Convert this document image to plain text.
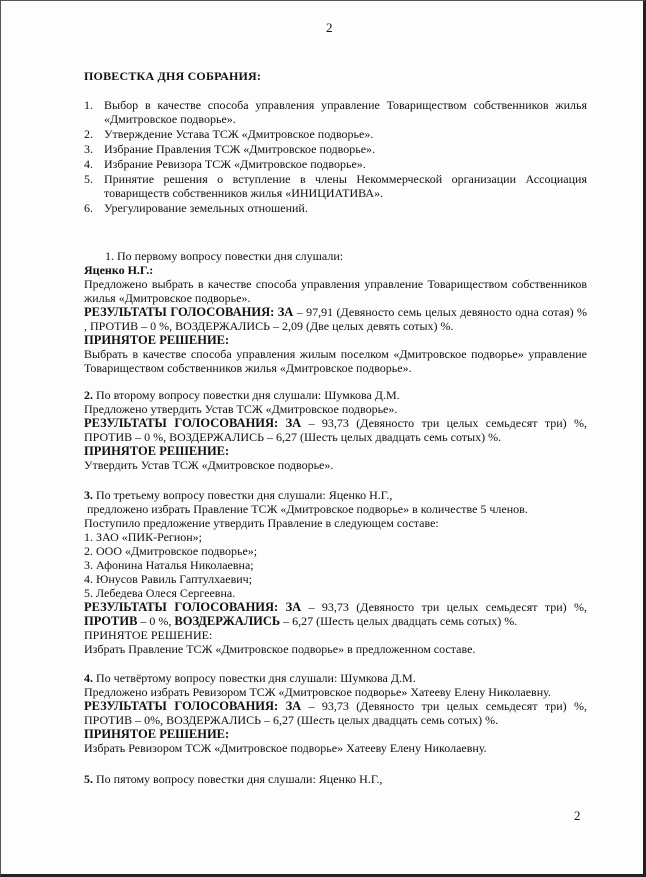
2

ПОВЕСТКА ДНЯ СОБРАНИЯ:

1. Выбор в качестве способа управления управление Товариществом собственников жилья «Дмитровское подворье».
2. Утверждение Устава ТСЖ «Дмитровское подворье».
3. Избрание Правления ТСЖ «Дмитровское подворье».
4. Избрание Ревизора ТСЖ «Дмитровское подворье».
5. Принятие решения о вступление в члены Некоммерческой организации Ассоциация товариществ собственников жилья «ИНИЦИАТИВА».
6. Урегулирование земельных отношений.

1. По первому вопросу повестки дня слушали:

Яценко Н.Г.:

Предложено выбрать в качестве способа управления управление Товариществом собственников жилья «Дмитровское подворье».

РЕЗУЛЬТАТЫ ГОЛОСОВАНИЯ: ЗА – 97,91 (Девяносто семь целых девяносто одна сотая) % , ПРОТИВ – 0 %, ВОЗДЕРЖАЛИСЬ – 2,09 (Две целых девять сотых) %.

ПРИНЯТОЕ РЕШЕНИЕ:

Выбрать в качестве способа управления жилым поселком «Дмитровское подворье» управление Товариществом собственников жилья «Дмитровское подворье».

2. По второму вопросу повестки дня слушали: Шумкова Д.М.

Предложено утвердить Устав ТСЖ «Дмитровское подворье».

РЕЗУЛЬТАТЫ ГОЛОСОВАНИЯ: ЗА – 93,73 (Девяносто три целых семьдесят три) %, ПРОТИВ – 0 %, ВОЗДЕРЖАЛИСЬ – 6,27 (Шесть целых двадцать семь сотых) %.

ПРИНЯТОЕ РЕШЕНИЕ:

Утвердить Устав ТСЖ «Дмитровское подворье».

3. По третьему вопросу повестки дня слушали: Яценко Н.Г.,

предложено избрать Правление ТСЖ «Дмитровское подворье» в количестве 5 членов.

Поступило предложение утвердить Правление в следующем составе:

1. ЗАО «ПИК-Регион»;

2. ООО «Дмитровское подворье»;

3. Афонина Наталья Николаевна;

4. Юнусов Равиль Гаптулхаевич;

5. Лебедева Олеся Сергеевна.

РЕЗУЛЬТАТЫ ГОЛОСОВАНИЯ: ЗА – 93,73 (Девяносто три целых семьдесят три) %, ПРОТИВ – 0 %, ВОЗДЕРЖАЛИСЬ – 6,27 (Шесть целых двадцать семь сотых) %.

ПРИНЯТОЕ РЕШЕНИЕ:

Избрать Правление ТСЖ «Дмитровское подворье» в предложенном составе.

4. По четвёртому вопросу повестки дня слушали: Шумкова Д.М.

Предложено избрать Ревизором ТСЖ «Дмитровское подворье» Хатееву Елену Николаевну.

РЕЗУЛЬТАТЫ ГОЛОСОВАНИЯ: ЗА – 93,73 (Девяносто три целых семьдесят три) %, ПРОТИВ – 0%, ВОЗДЕРЖАЛИСЬ – 6,27 (Шесть целых двадцать семь сотых) %.

ПРИНЯТОЕ РЕШЕНИЕ:

Избрать Ревизором ТСЖ «Дмитровское подворье» Хатееву Елену Николаевну.

5. По пятому вопросу повестки дня слушали: Яценко Н.Г.,

2
